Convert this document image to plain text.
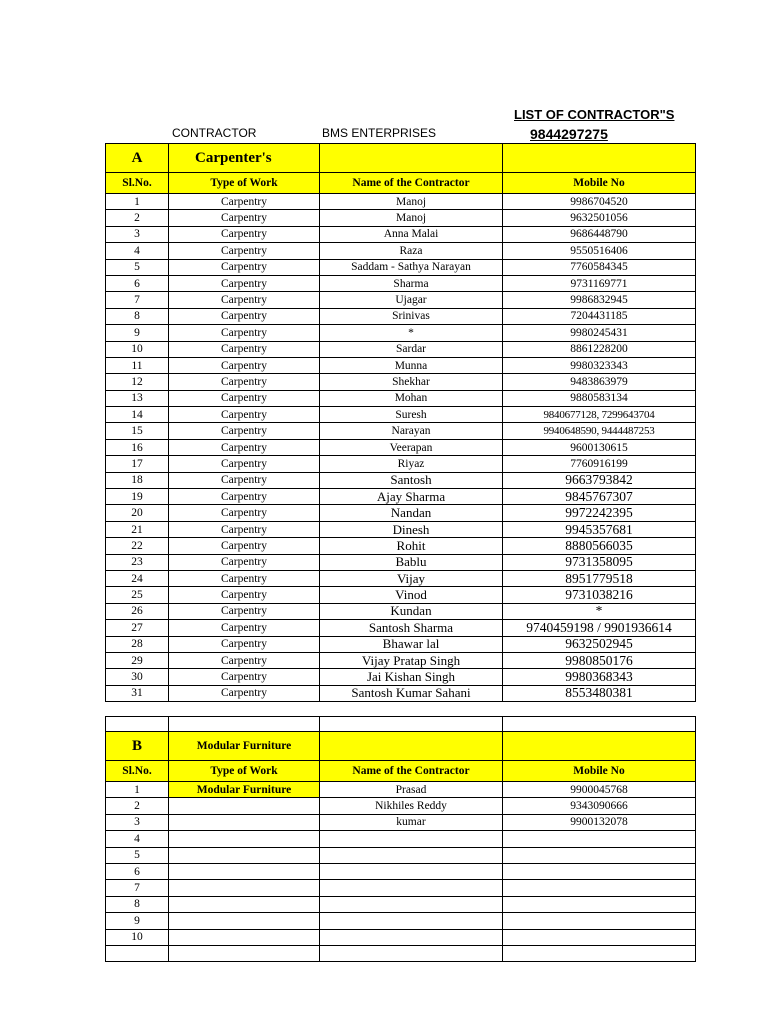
LIST OF CONTRACTOR"S
9844297275
CONTRACTOR	BMS ENTERPRISES
A	Carpenter's		
Sl.No.	Type of Work	Name of the Contractor	Mobile No
1	Carpentry	Manoj	9986704520
2	Carpentry	Manoj	9632501056
3	Carpentry	Anna Malai	9686448790
4	Carpentry	Raza	9550516406
5	Carpentry	Saddam - Sathya Narayan	7760584345
6	Carpentry	Sharma	9731169771
7	Carpentry	Ujagar	9986832945
8	Carpentry	Srinivas	7204431185
9	Carpentry	*	9980245431
10	Carpentry	Sardar	8861228200
11	Carpentry	Munna	9980323343
12	Carpentry	Shekhar	9483863979
13	Carpentry	Mohan	9880583134
14	Carpentry	Suresh	9840677128, 7299643704
15	Carpentry	Narayan	9940648590, 9444487253
16	Carpentry	Veerapan	9600130615
17	Carpentry	Riyaz	7760916199
18	Carpentry	Santosh	9663793842
19	Carpentry	Ajay Sharma	9845767307
20	Carpentry	Nandan	9972242395
21	Carpentry	Dinesh	9945357681
22	Carpentry	Rohit	8880566035
23	Carpentry	Bablu	9731358095
24	Carpentry	Vijay	8951779518
25	Carpentry	Vinod	9731038216
26	Carpentry	Kundan	*
27	Carpentry	Santosh Sharma	9740459198 / 9901936614
28	Carpentry	Bhawar lal	9632502945
29	Carpentry	Vijay Pratap Singh	9980850176
30	Carpentry	Jai Kishan Singh	9980368343
31	Carpentry	Santosh Kumar Sahani	8553480381

B	Modular Furniture		
Sl.No.	Type of Work	Name of the Contractor	Mobile No
1	Modular Furniture	Prasad	9900045768
2		Nikhiles Reddy	9343090666
3		kumar	9900132078
4			
5			
6			
7			
8			
9			
10			
